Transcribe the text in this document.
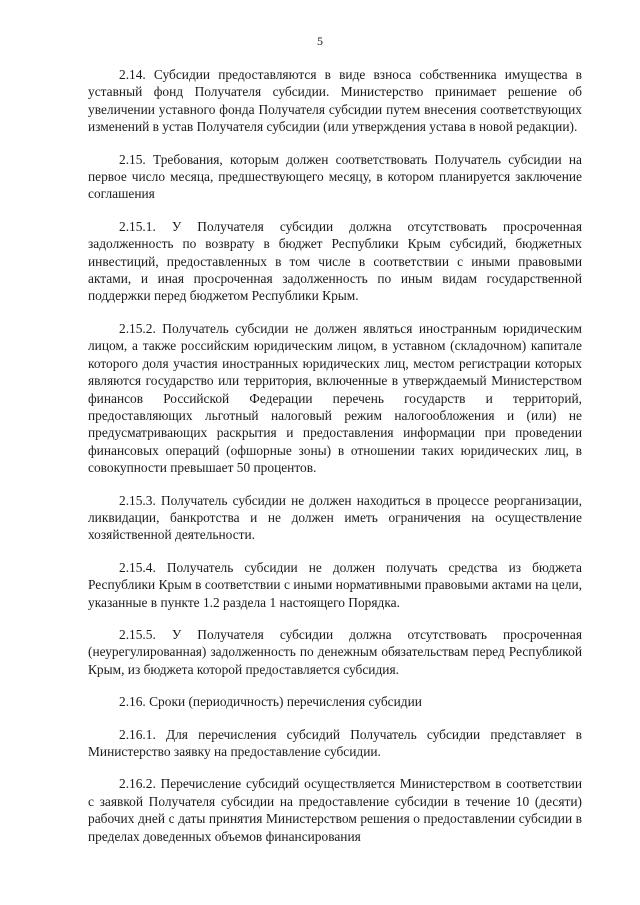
5

2.14. Субсидии предоставляются в виде взноса собственника имущества в уставный фонд Получателя субсидии. Министерство принимает решение об увеличении уставного фонда Получателя субсидии путем внесения соответствующих изменений в устав Получателя субсидии (или утверждения устава в новой редакции).

2.15. Требования, которым должен соответствовать Получатель субсидии на первое число месяца, предшествующего месяцу, в котором планируется заключение соглашения

2.15.1. У Получателя субсидии должна отсутствовать просроченная задолженность по возврату в бюджет Республики Крым субсидий, бюджетных инвестиций, предоставленных в том числе в соответствии с иными правовыми актами, и иная просроченная задолженность по иным видам государственной поддержки перед бюджетом Республики Крым.

2.15.2. Получатель субсидии не должен являться иностранным юридическим лицом, а также российским юридическим лицом, в уставном (складочном) капитале которого доля участия иностранных юридических лиц, местом регистрации которых являются государство или территория, включенные в утверждаемый Министерством финансов Российской Федерации перечень государств и территорий, предоставляющих льготный налоговый режим налогообложения и (или) не предусматривающих раскрытия и предоставления информации при проведении финансовых операций (офшорные зоны) в отношении таких юридических лиц, в совокупности превышает 50 процентов.

2.15.3. Получатель субсидии не должен находиться в процессе реорганизации, ликвидации, банкротства и не должен иметь ограничения на осуществление хозяйственной деятельности.

2.15.4. Получатель субсидии не должен получать средства из бюджета Республики Крым в соответствии с иными нормативными правовыми актами на цели, указанные в пункте 1.2 раздела 1 настоящего Порядка.

2.15.5. У Получателя субсидии должна отсутствовать просроченная (неурегулированная) задолженность по денежным обязательствам перед Республикой Крым, из бюджета которой предоставляется субсидия.

2.16. Сроки (периодичность) перечисления субсидии

2.16.1. Для перечисления субсидий Получатель субсидии представляет в Министерство заявку на предоставление субсидии.

2.16.2. Перечисление субсидий осуществляется Министерством в соответствии с заявкой Получателя субсидии на предоставление субсидии в течение 10 (десяти) рабочих дней с даты принятия Министерством решения о предоставлении субсидии в пределах доведенных объемов финансирования
